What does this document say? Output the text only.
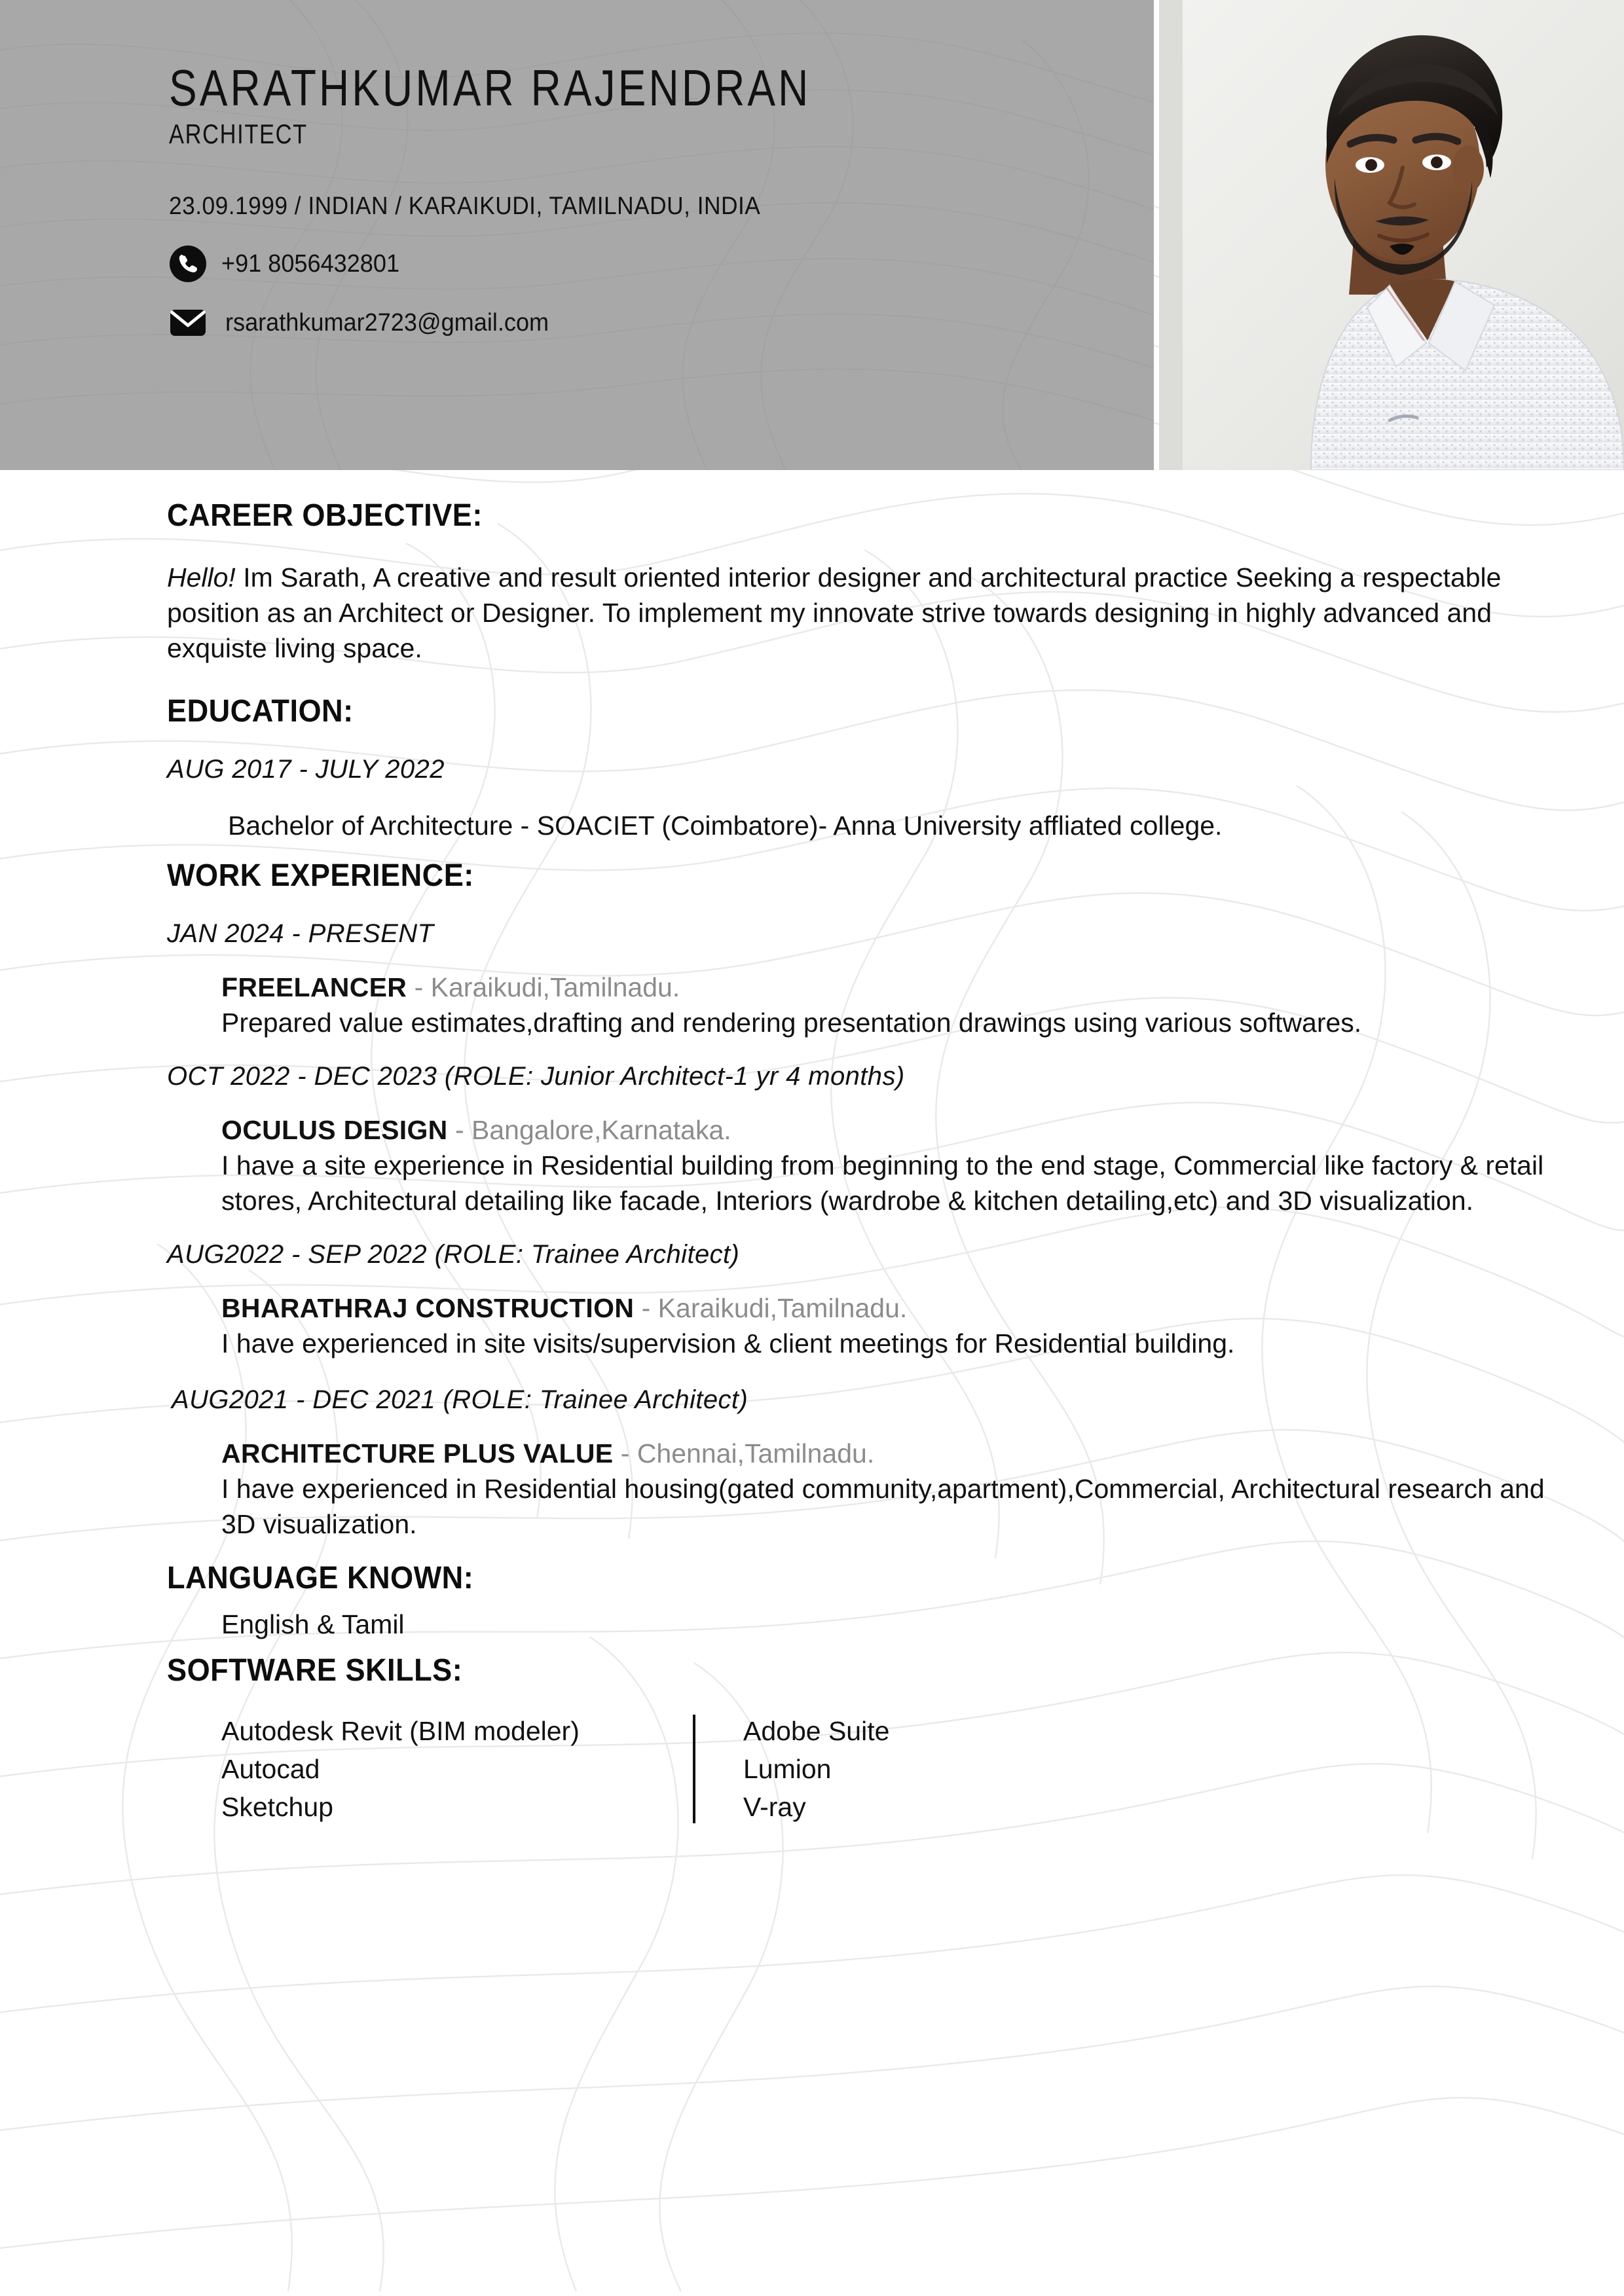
SARATHKUMAR RAJENDRAN
ARCHITECT
23.09.1999 / INDIAN / KARAIKUDI, TAMILNADU, INDIA
+91 8056432801
rsarathkumar2723@gmail.com
CAREER OBJECTIVE:
Hello! Im Sarath, A creative and result oriented interior designer and architectural practice Seeking a respectable position as an Architect or Designer. To implement my innovate strive towards designing in highly advanced and exquiste living space.
EDUCATION:
AUG 2017 - JULY 2022
Bachelor of Architecture - SOACIET (Coimbatore)- Anna University affliated college.
WORK EXPERIENCE:
JAN 2024 - PRESENT
FREELANCER - Karaikudi,Tamilnadu.
Prepared value estimates,drafting and rendering presentation drawings using various softwares.
OCT 2022 - DEC 2023 (ROLE: Junior Architect-1 yr 4 months)
OCULUS DESIGN - Bangalore,Karnataka.
I have a site experience in Residential building from beginning to the end stage, Commercial like factory & retail stores, Architectural detailing like facade, Interiors (wardrobe & kitchen detailing,etc) and 3D visualization.
AUG2022 - SEP 2022 (ROLE: Trainee Architect)
BHARATHRAJ CONSTRUCTION - Karaikudi,Tamilnadu.
I have experienced in site visits/supervision & client meetings for Residential building.
AUG2021 - DEC 2021 (ROLE: Trainee Architect)
ARCHITECTURE PLUS VALUE - Chennai,Tamilnadu.
I have experienced in Residential housing(gated community,apartment),Commercial, Architectural research and 3D visualization.
LANGUAGE KNOWN:
English & Tamil
SOFTWARE SKILLS:
Autodesk Revit (BIM modeler)
Autocad
Sketchup
Adobe Suite
Lumion
V-ray
